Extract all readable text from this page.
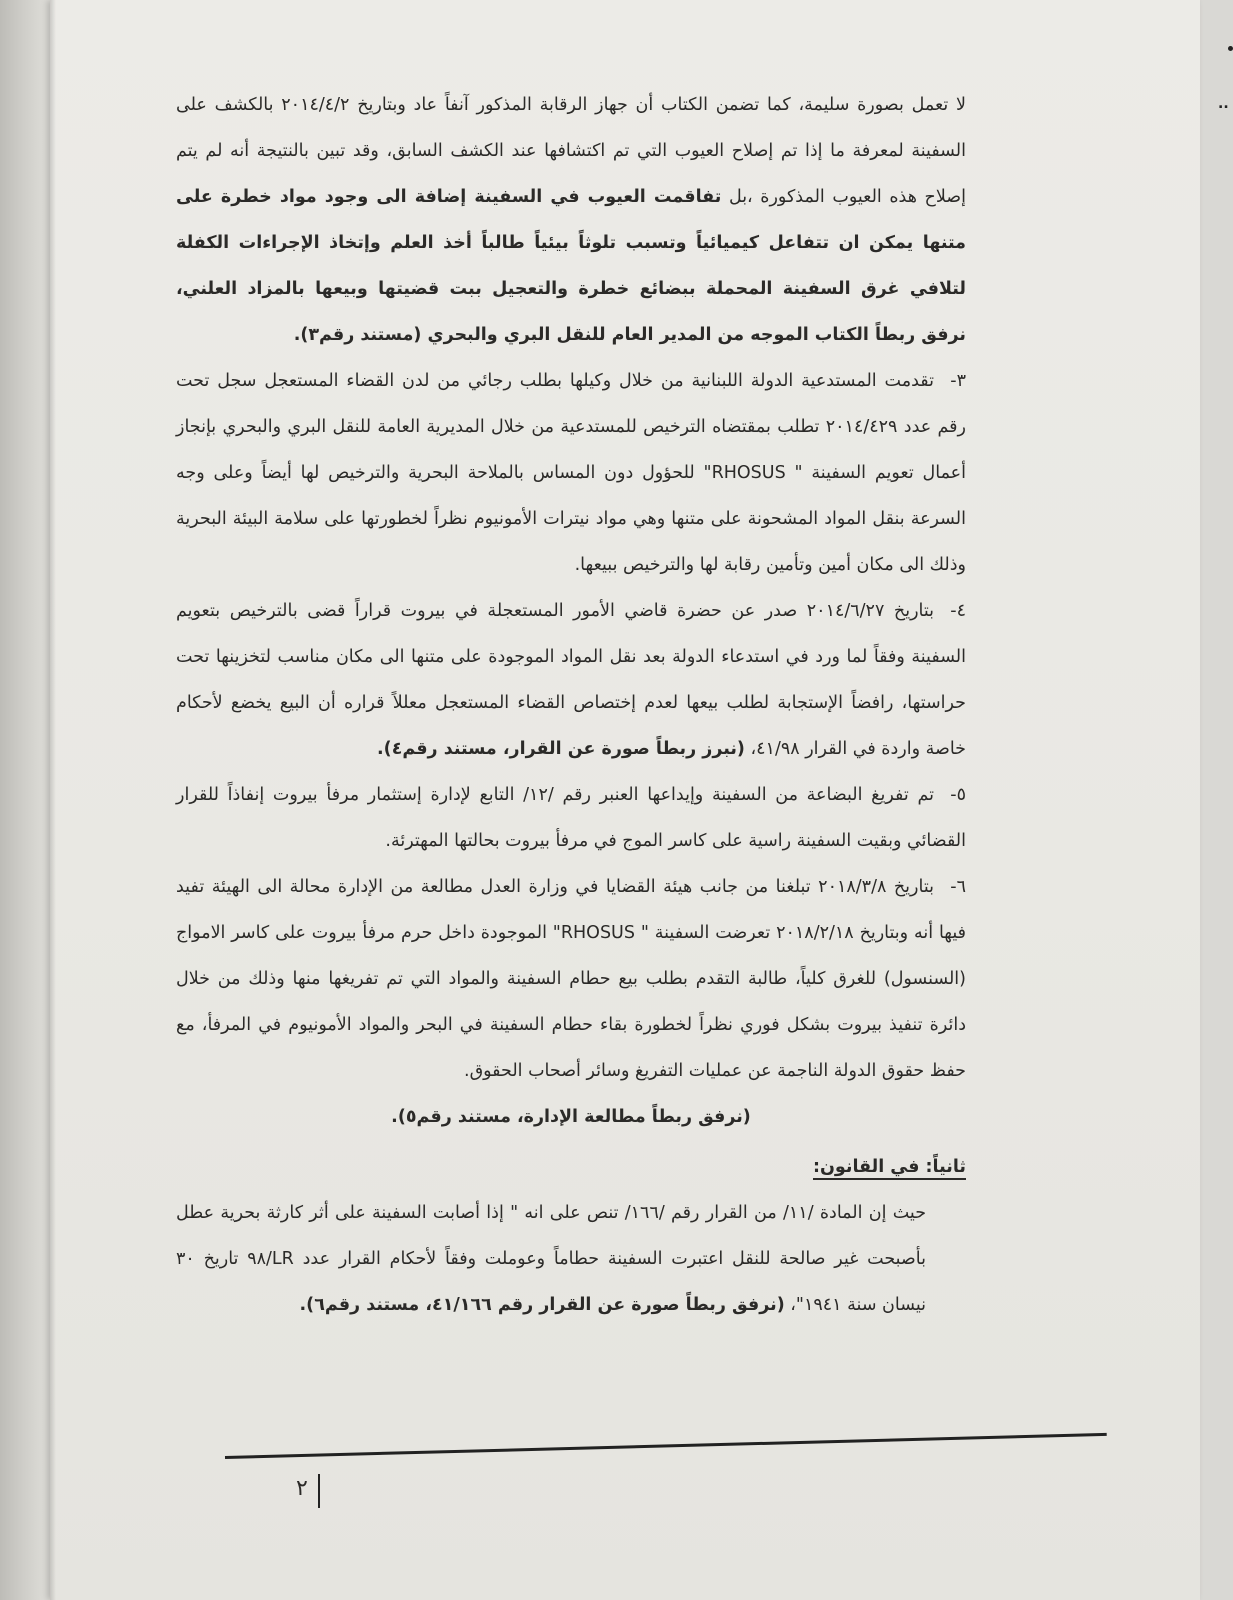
..
٢

لا تعمل بصورة سليمة، كما تضمن الكتاب أن جهاز الرقابة المذكور آنفاً عاد وبتاريخ ٢٠١٤/٤/٢ بالكشف على السفينة لمعرفة ما إذا تم إصلاح العيوب التي تم اكتشافها عند الكشف السابق، وقد تبين بالنتيجة أنه لم يتم إصلاح هذه العيوب المذكورة ،بل تفاقمت العيوب في السفينة إضافة الى وجود مواد خطرة على متنها يمكن ان تتفاعل كيميائياً وتسبب تلوثاً بيئياً طالباً أخذ العلم وإتخاذ الإجراءات الكفلة لتلافي غرق السفينة المحملة ببضائع خطرة والتعجيل ببت قضيتها وبيعها بالمزاد العلني، نرفق ربطاً الكتاب الموجه من المدير العام للنقل البري والبحري (مستند رقم٣).

٣-تقدمت المستدعية الدولة اللبنانية من خلال وكيلها بطلب رجائي من لدن القضاء المستعجل سجل تحت رقم عدد ٢٠١٤/٤٢٩ تطلب بمقتضاه الترخيص للمستدعية من خلال المديرية العامة للنقل البري والبحري بإنجاز أعمال تعويم السفينة " RHOSUS" للحؤول دون المساس بالملاحة البحرية والترخيص لها أيضاً وعلى وجه السرعة بنقل المواد المشحونة على متنها وهي مواد نيترات الأمونيوم نظراً لخطورتها على سلامة البيئة البحرية وذلك الى مكان أمين وتأمين رقابة لها والترخيص ببيعها.

٤-بتاريخ ٢٠١٤/٦/٢٧ صدر عن حضرة قاضي الأمور المستعجلة في بيروت قراراً قضى بالترخيص بتعويم السفينة وفقاً لما ورد في استدعاء الدولة بعد نقل المواد الموجودة على متنها الى مكان مناسب لتخزينها تحت حراستها، رافضاً الإستجابة لطلب بيعها لعدم إختصاص القضاء المستعجل معللاً قراره أن البيع يخضع لأحكام خاصة واردة في القرار ٤١/٩٨، (نبرز ربطاً صورة عن القرار، مستند رقم٤).

٥-تم تفريغ البضاعة من السفينة وإيداعها العنبر رقم /١٢/ التابع لإدارة إستثمار مرفأ بيروت إنفاذاً للقرار القضائي وبقيت السفينة راسية على كاسر الموج في مرفأ بيروت بحالتها المهترئة.

٦-بتاريخ ٢٠١٨/٣/٨ تبلغنا من جانب هيئة القضايا في وزارة العدل مطالعة من الإدارة محالة الى الهيئة تفيد فيها أنه وبتاريخ ٢٠١٨/٢/١٨ تعرضت السفينة " RHOSUS" الموجودة داخل حرم مرفأ بيروت على كاسر الامواج (السنسول) للغرق كلياً، طالبة التقدم بطلب بيع حطام السفينة والمواد التي تم تفريغها منها وذلك من خلال دائرة تنفيذ بيروت بشكل فوري نظراً لخطورة بقاء حطام السفينة في البحر والمواد الأمونيوم في المرفأ، مع حفظ حقوق الدولة الناجمة عن عمليات التفريغ وسائر أصحاب الحقوق.

(نرفق ربطاً مطالعة الإدارة، مستند رقم٥).

ثانياً: في القانون:

حيث إن المادة /١١/ من القرار رقم /١٦٦/ تنص على انه " إذا أصابت السفينة على أثر كارثة بحرية عطل بأصبحت غير صالحة للنقل اعتبرت السفينة حطاماً وعوملت وفقاً لأحكام القرار عدد LR/٩٨ تاريخ ٣٠ نيسان سنة ١٩٤١"، (نرفق ربطاً صورة عن القرار رقم ٤١/١٦٦، مستند رقم٦).
